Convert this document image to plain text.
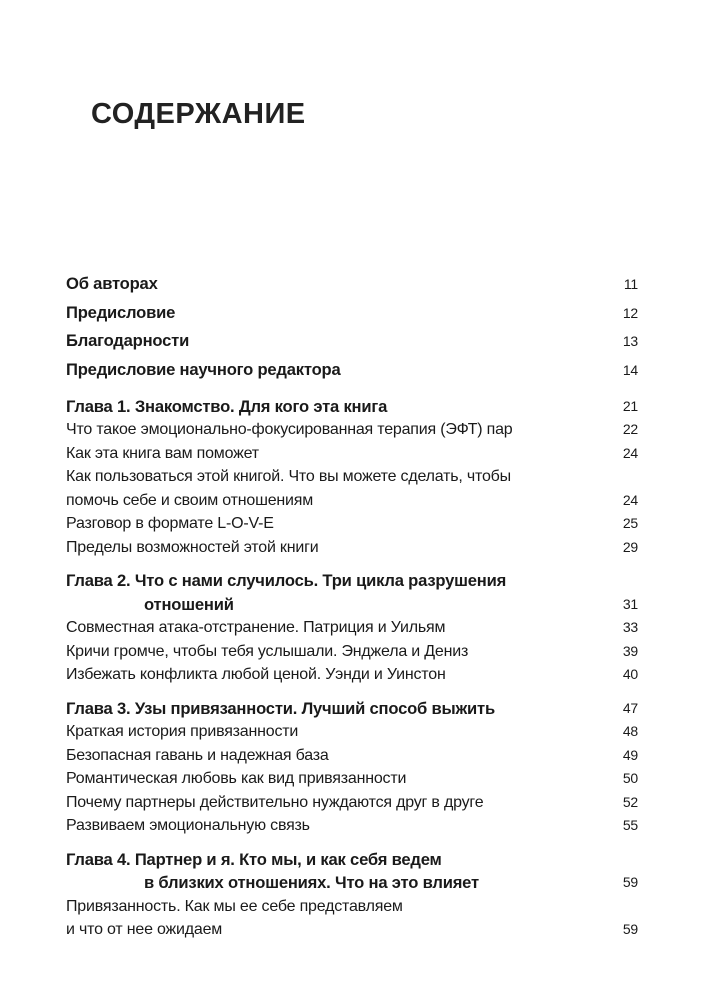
СОДЕРЖАНИЕ
Об авторах	11
Предисловие	12
Благодарности	13
Предисловие научного редактора	14
Глава 1. Знакомство. Для кого эта книга	21
Что такое эмоционально-фокусированная терапия (ЭФТ) пар	22
Как эта книга вам поможет	24
Как пользоваться этой книгой. Что вы можете сделать, чтобы
помочь себе и своим отношениям	24
Разговор в формате L-O-V-E	25
Пределы возможностей этой книги	29
Глава 2. Что с нами случилось. Три цикла разрушения
отношений	31
Совместная атака-отстранение. Патриция и Уильям	33
Кричи громче, чтобы тебя услышали. Энджела и Дениз	39
Избежать конфликта любой ценой. Уэнди и Уинстон	40
Глава 3. Узы привязанности. Лучший способ выжить	47
Краткая история привязанности	48
Безопасная гавань и надежная база	49
Романтическая любовь как вид привязанности	50
Почему партнеры действительно нуждаются друг в друге	52
Развиваем эмоциональную связь	55
Глава 4. Партнер и я. Кто мы, и как себя ведем
в близких отношениях. Что на это влияет	59
Привязанность. Как мы ее себе представляем
и что от нее ожидаем	59
